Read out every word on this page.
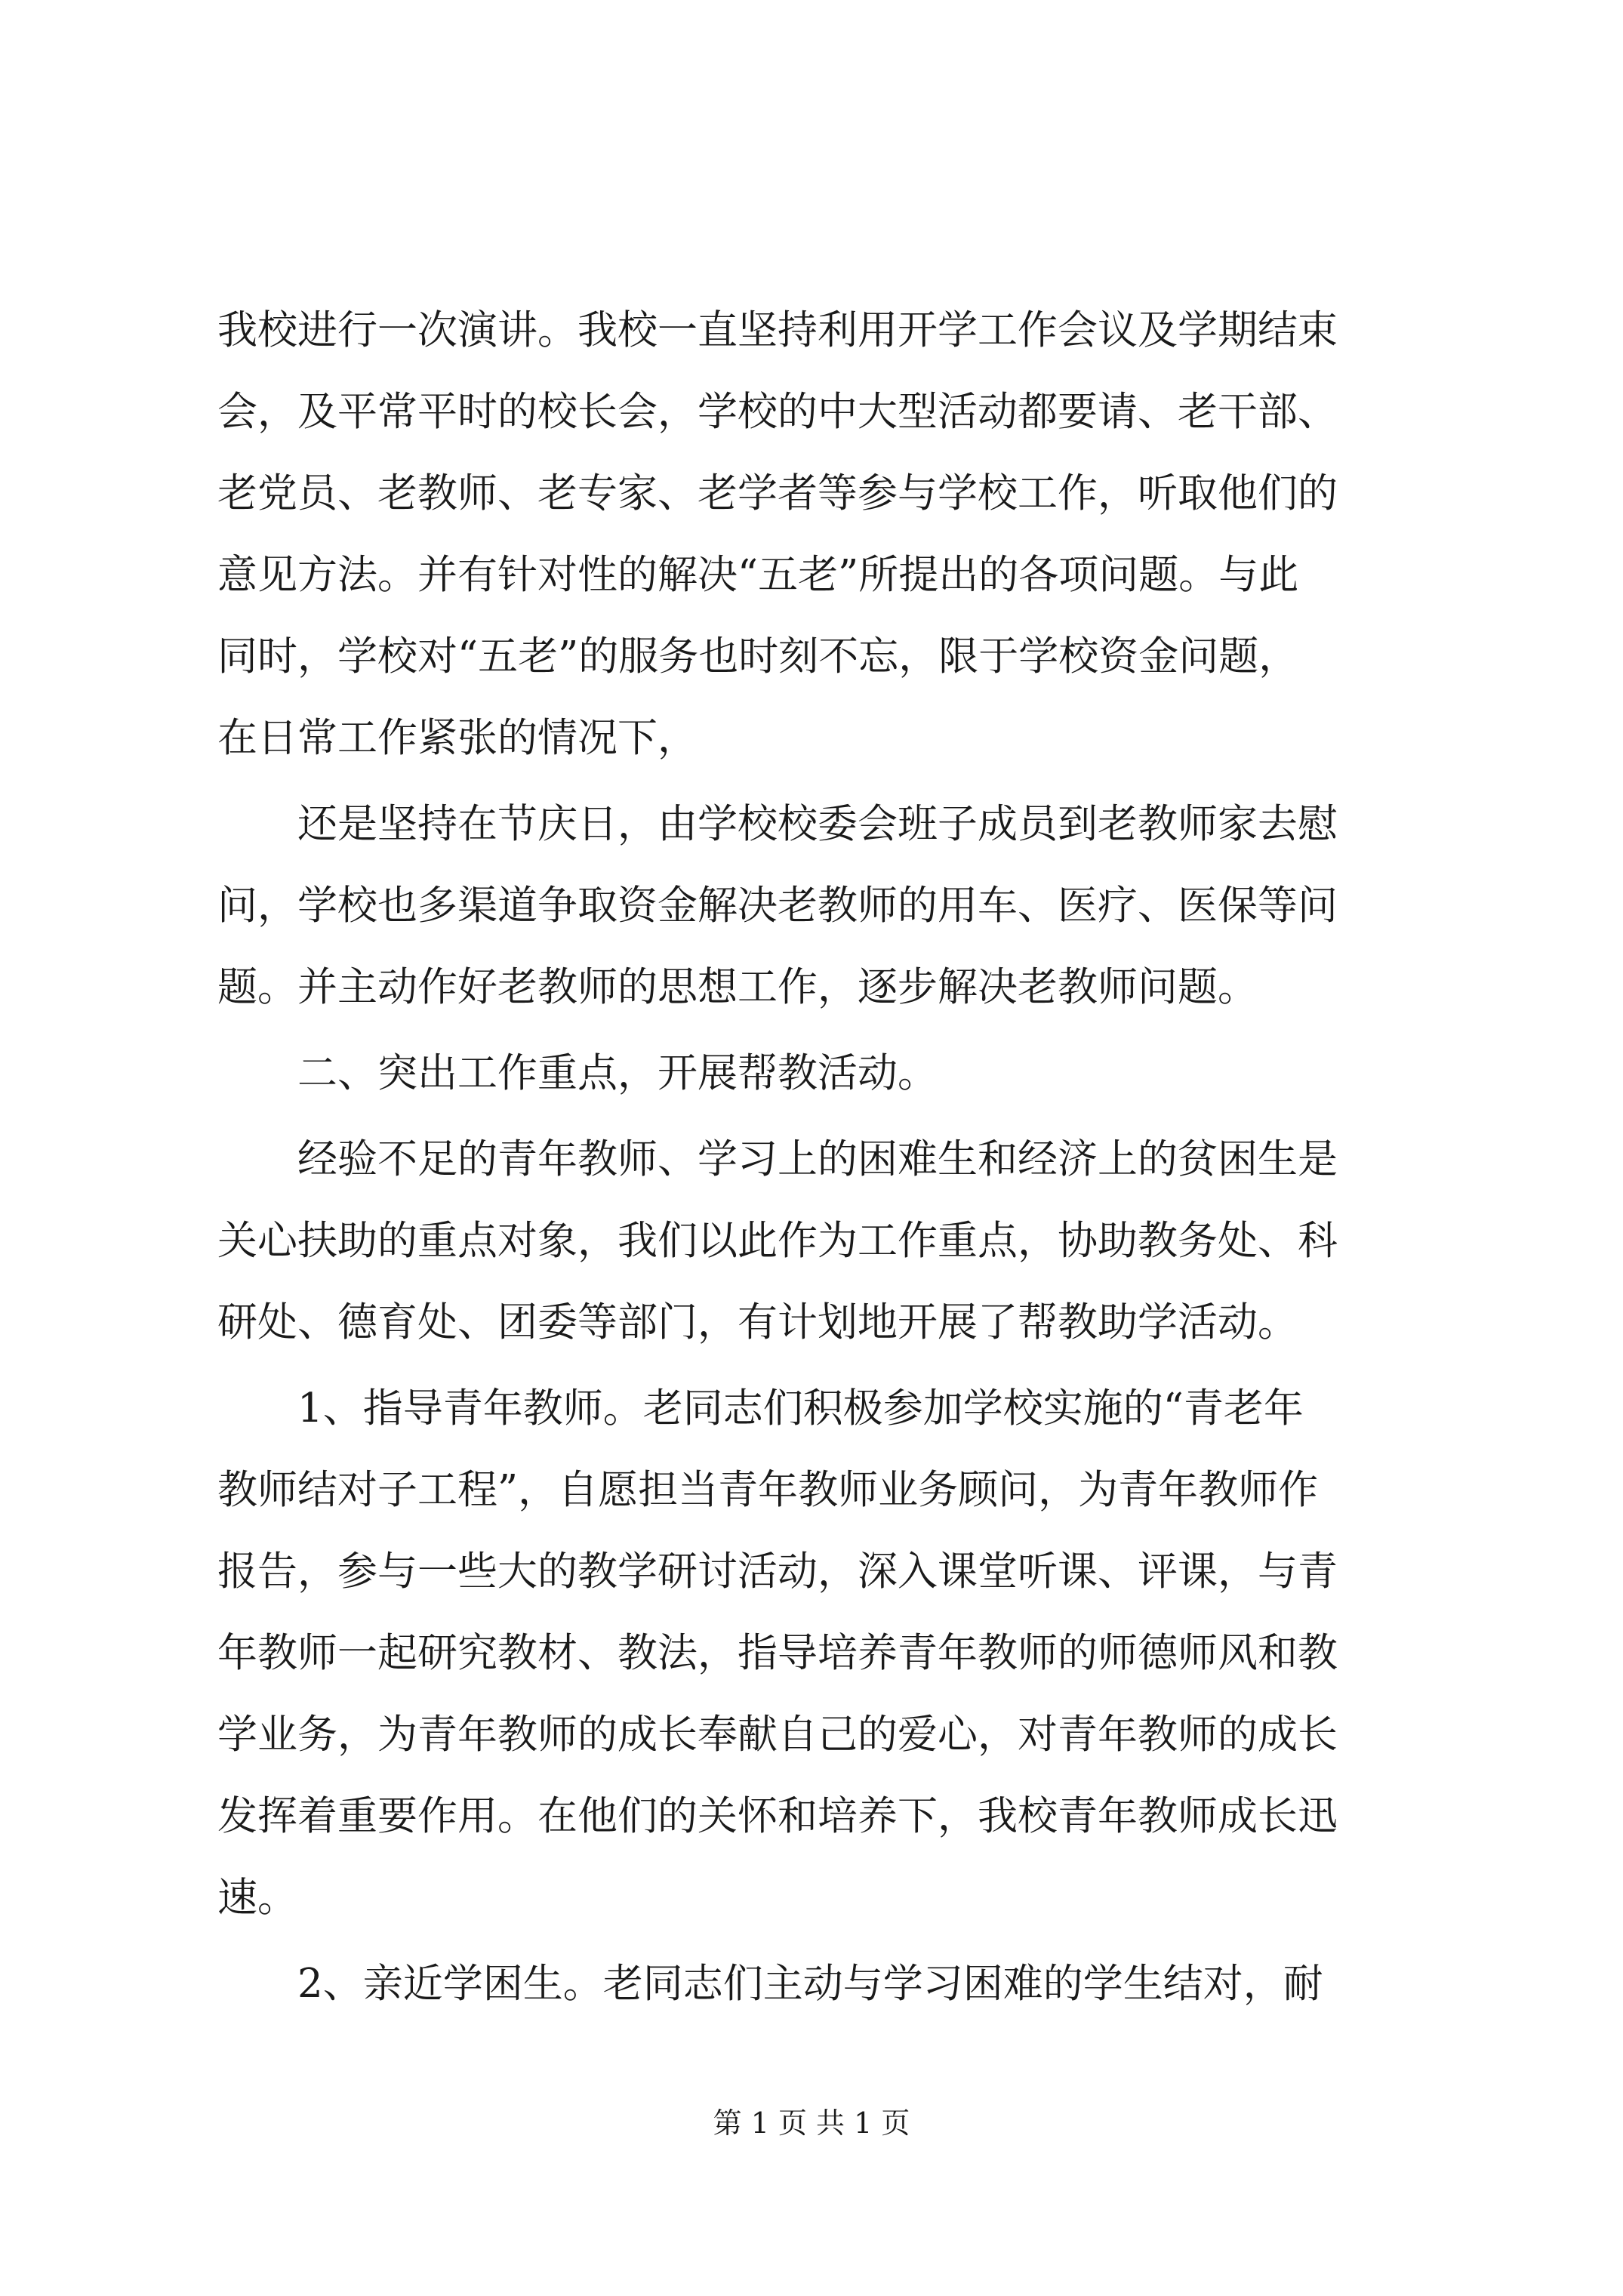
我校进行一次演讲。我校一直坚持利用开学工作会议及学期结束
会，及平常平时的校长会，学校的中大型活动都要请、老干部、
老党员、老教师、老专家、老学者等参与学校工作，听取他们的
意见方法。并有针对性的解决“五老”所提出的各项问题。与此
同时，学校对“五老”的服务也时刻不忘，限于学校资金问题，
在日常工作紧张的情况下，
还是坚持在节庆日，由学校校委会班子成员到老教师家去慰
问，学校也多渠道争取资金解决老教师的用车、医疗、医保等问
题。并主动作好老教师的思想工作，逐步解决老教师问题。
二、突出工作重点，开展帮教活动。
经验不足的青年教师、学习上的困难生和经济上的贫困生是
关心扶助的重点对象，我们以此作为工作重点，协助教务处、科
研处、德育处、团委等部门，有计划地开展了帮教助学活动。
1、指导青年教师。老同志们积极参加学校实施的“青老年
教师结对子工程”，自愿担当青年教师业务顾问，为青年教师作
报告，参与一些大的教学研讨活动，深入课堂听课、评课，与青
年教师一起研究教材、教法，指导培养青年教师的师德师风和教
学业务，为青年教师的成长奉献自己的爱心，对青年教师的成长
发挥着重要作用。在他们的关怀和培养下，我校青年教师成长迅
速。
2、亲近学困生。老同志们主动与学习困难的学生结对，耐
第 1 页 共 1 页
